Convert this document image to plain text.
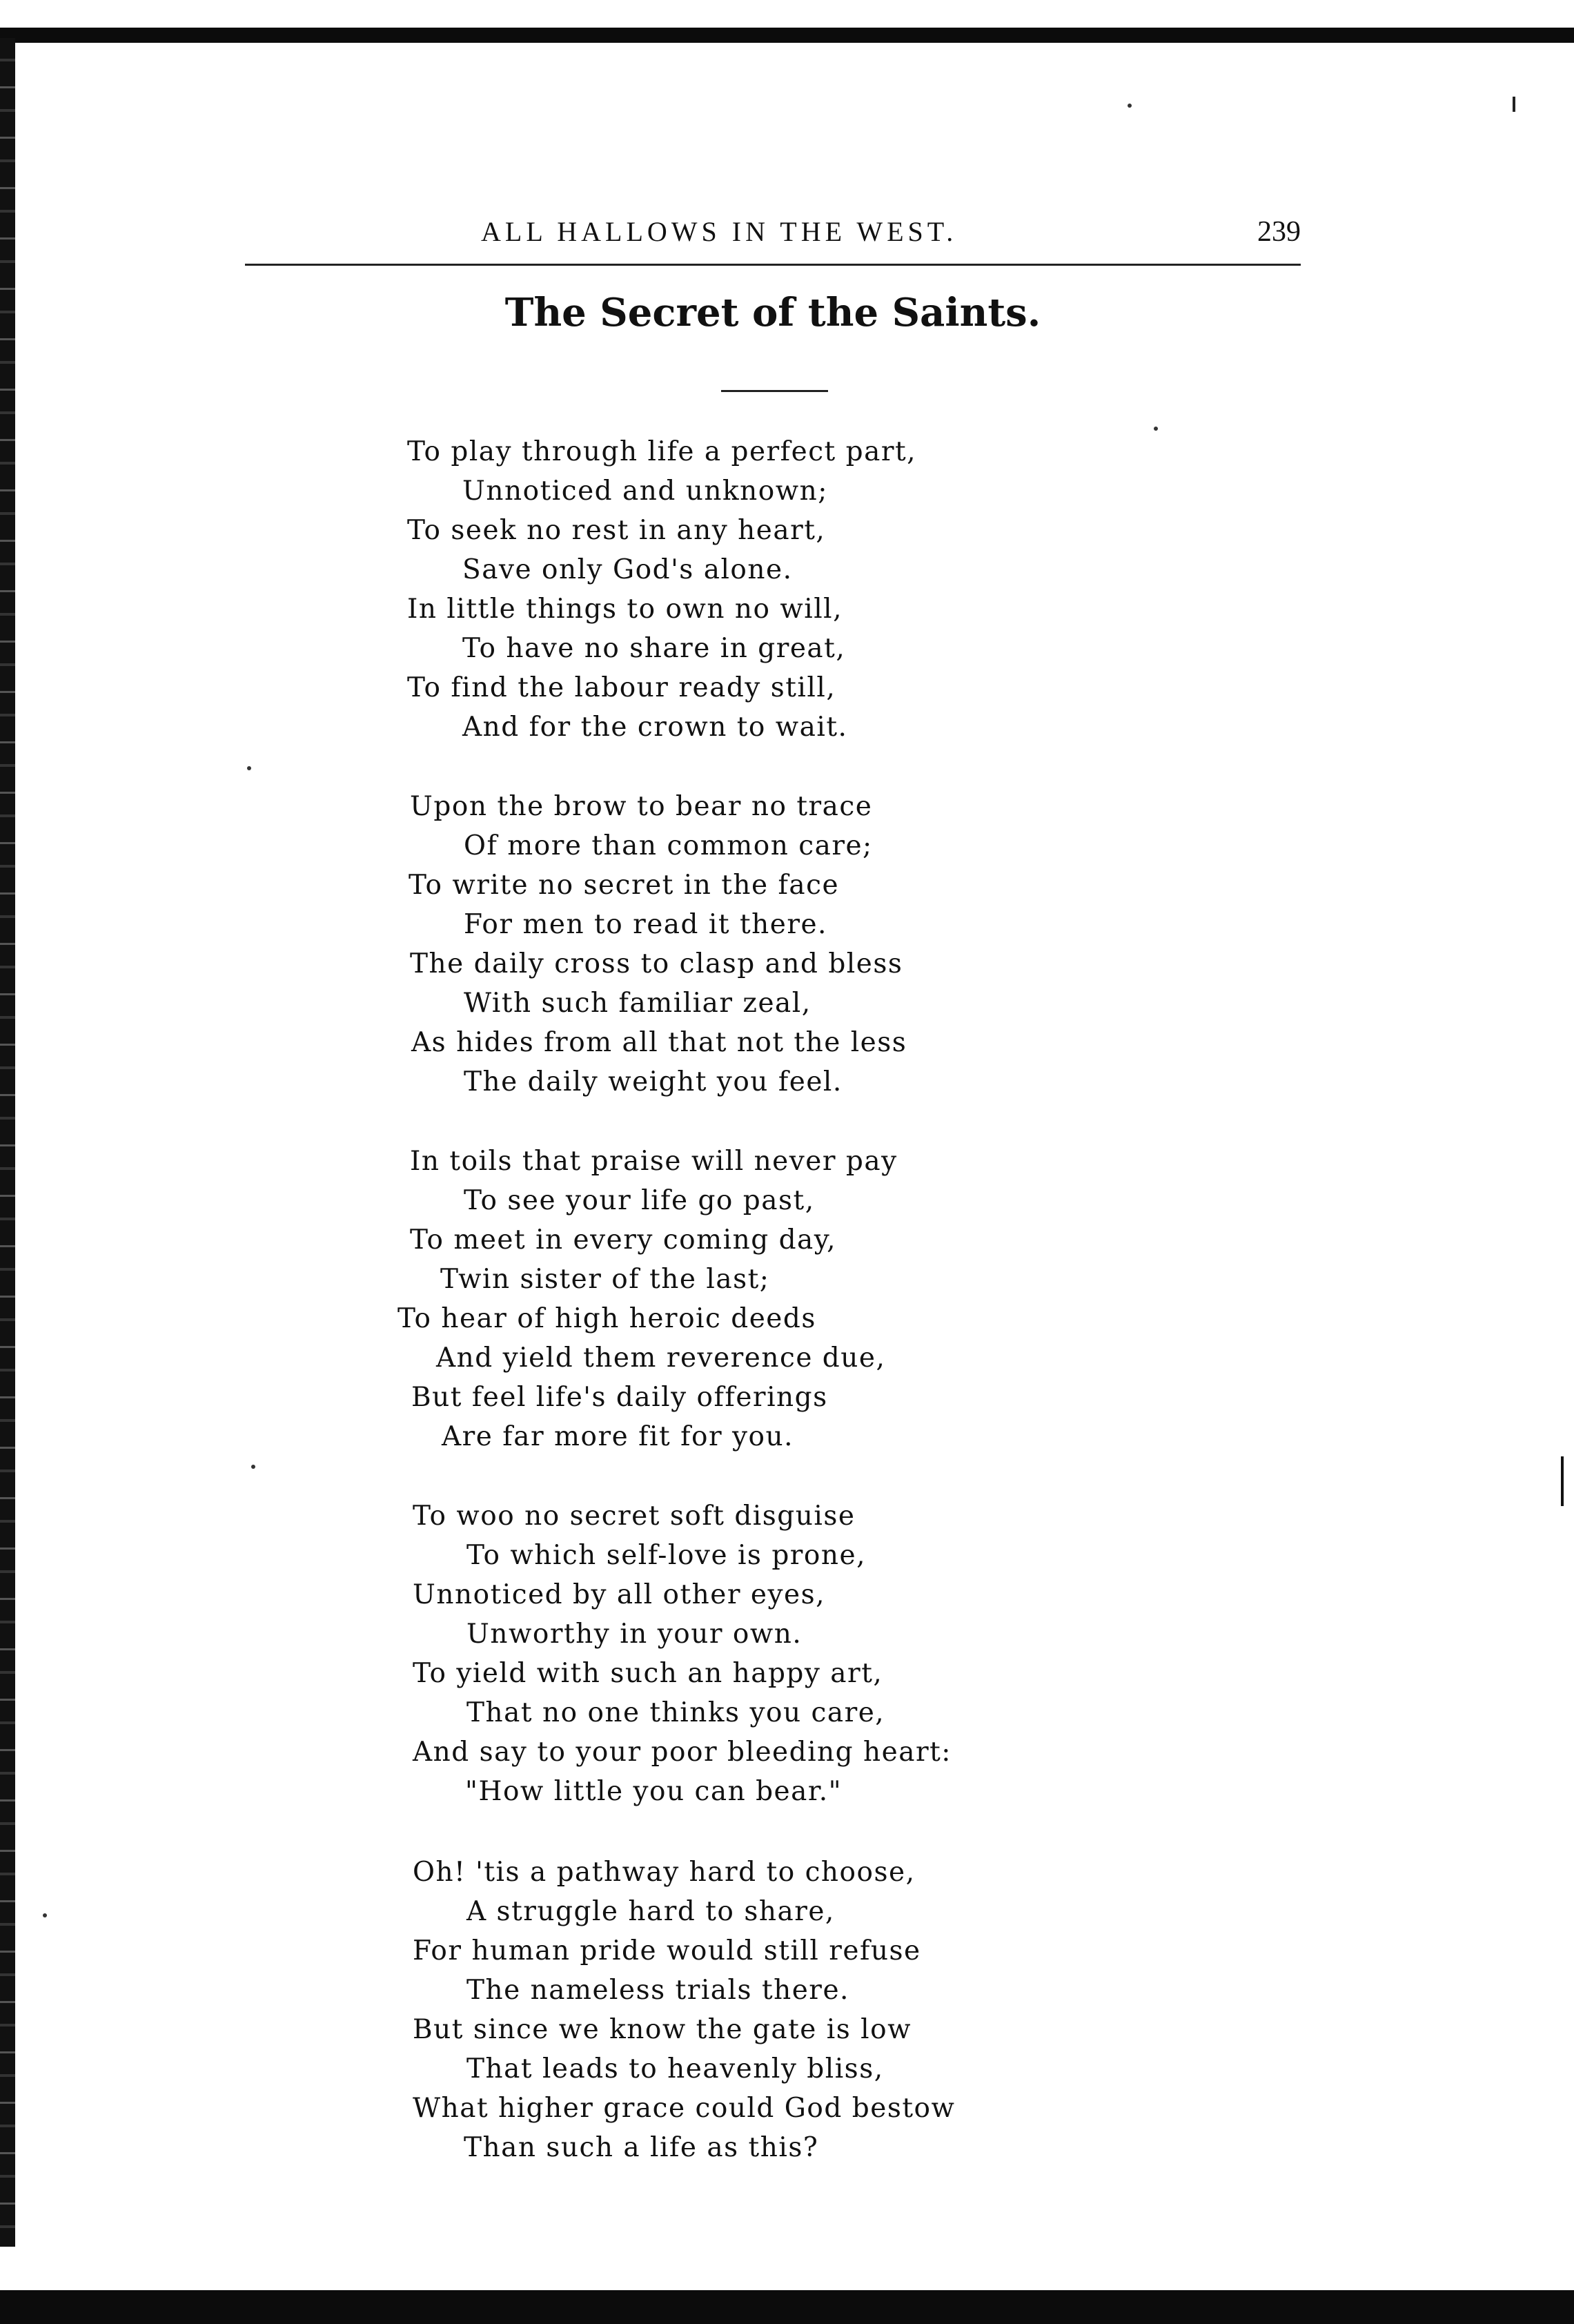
ALL HALLOWS IN THE WEST.	239
The Secret of the Saints.
To play through life a perfect part,
Unnoticed and unknown;
To seek no rest in any heart,
Save only God's alone.
In little things to own no will,
To have no share in great,
To find the labour ready still,
And for the crown to wait.
Upon the brow to bear no trace
Of more than common care;
To write no secret in the face
For men to read it there.
The daily cross to clasp and bless
With such familiar zeal,
As hides from all that not the less
The daily weight you feel.
In toils that praise will never pay
To see your life go past,
To meet in every coming day,
Twin sister of the last;
To hear of high heroic deeds
And yield them reverence due,
But feel life's daily offerings
Are far more fit for you.
To woo no secret soft disguise
To which self-love is prone,
Unnoticed by all other eyes,
Unworthy in your own.
To yield with such an happy art,
That no one thinks you care,
And say to your poor bleeding heart:
"How little you can bear."
Oh! 'tis a pathway hard to choose,
A struggle hard to share,
For human pride would still refuse
The nameless trials there.
But since we know the gate is low
That leads to heavenly bliss,
What higher grace could God bestow
Than such a life as this?
